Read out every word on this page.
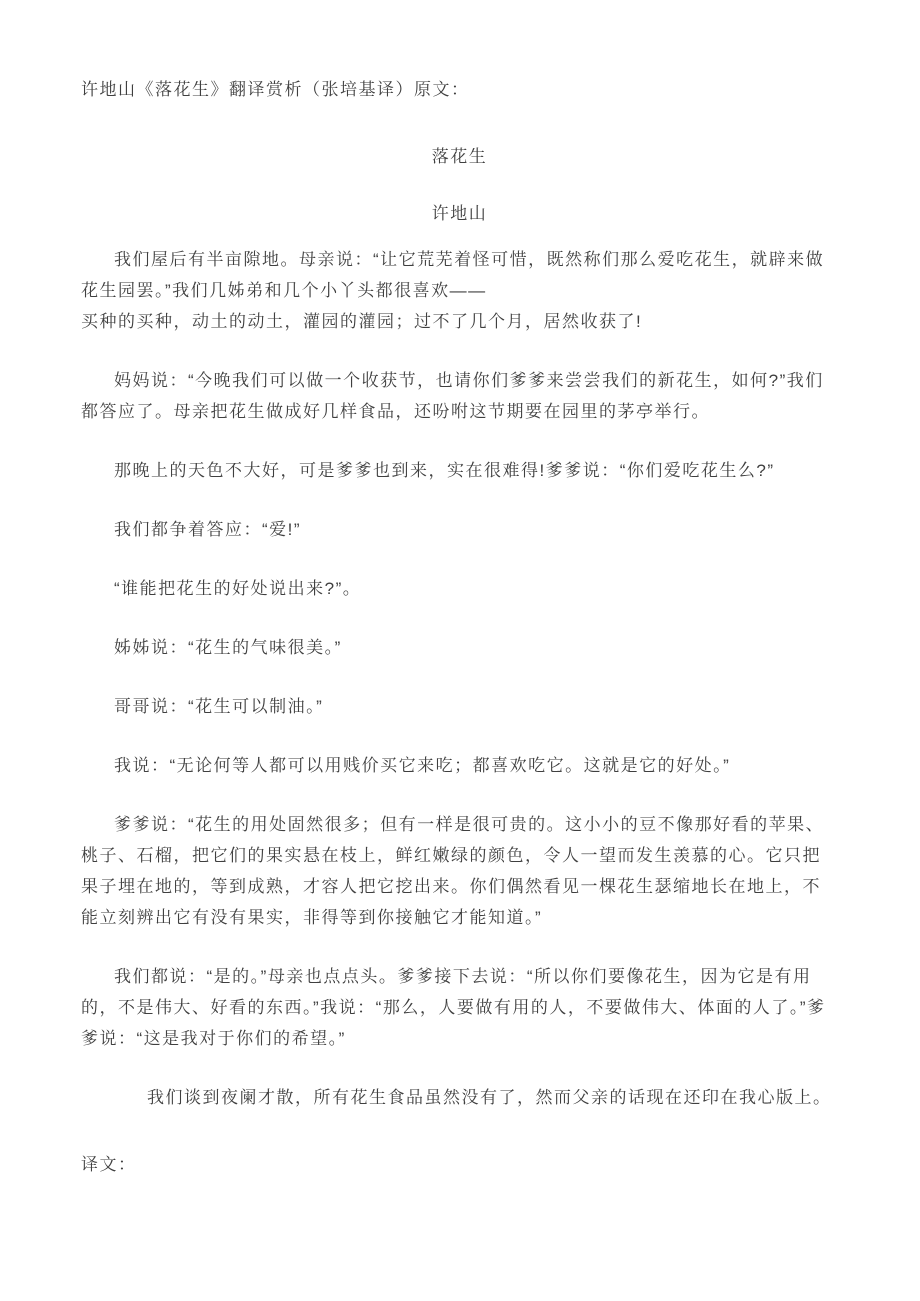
许地山《落花生》翻译赏析（张培基译）原文：

落花生

许地山

我们屋后有半亩隙地。母亲说：“让它荒芜着怪可惜，既然称们那么爱吃花生，就辟来做花生园罢。”我们几姊弟和几个小丫头都很喜欢——
买种的买种，动土的动土，灌园的灌园；过不了几个月，居然收获了!

妈妈说：“今晚我们可以做一个收获节，也请你们爹爹来尝尝我们的新花生，如何?”我们都答应了。母亲把花生做成好几样食品，还吩咐这节期要在园里的茅亭举行。

那晚上的天色不大好，可是爹爹也到来，实在很难得!爹爹说：“你们爱吃花生么?”

我们都争着答应：“爱!”

“谁能把花生的好处说出来?”。

姊姊说：“花生的气味很美。”

哥哥说：“花生可以制油。”

我说：“无论何等人都可以用贱价买它来吃；都喜欢吃它。这就是它的好处。”

爹爹说：“花生的用处固然很多；但有一样是很可贵的。这小小的豆不像那好看的苹果、桃子、石榴，把它们的果实悬在枝上，鲜红嫩绿的颜色，令人一望而发生羡慕的心。它只把果子埋在地的，等到成熟，才容人把它挖出来。你们偶然看见一棵花生瑟缩地长在地上，不能立刻辨出它有没有果实，非得等到你接触它才能知道。”

我们都说：“是的。”母亲也点点头。爹爹接下去说：“所以你们要像花生，因为它是有用的，不是伟大、好看的东西。”我说：“那么，人要做有用的人，不要做伟大、体面的人了。”爹爹说：“这是我对于你们的希望。”

我们谈到夜阑才散，所有花生食品虽然没有了，然而父亲的话现在还印在我心版上。

译文：
